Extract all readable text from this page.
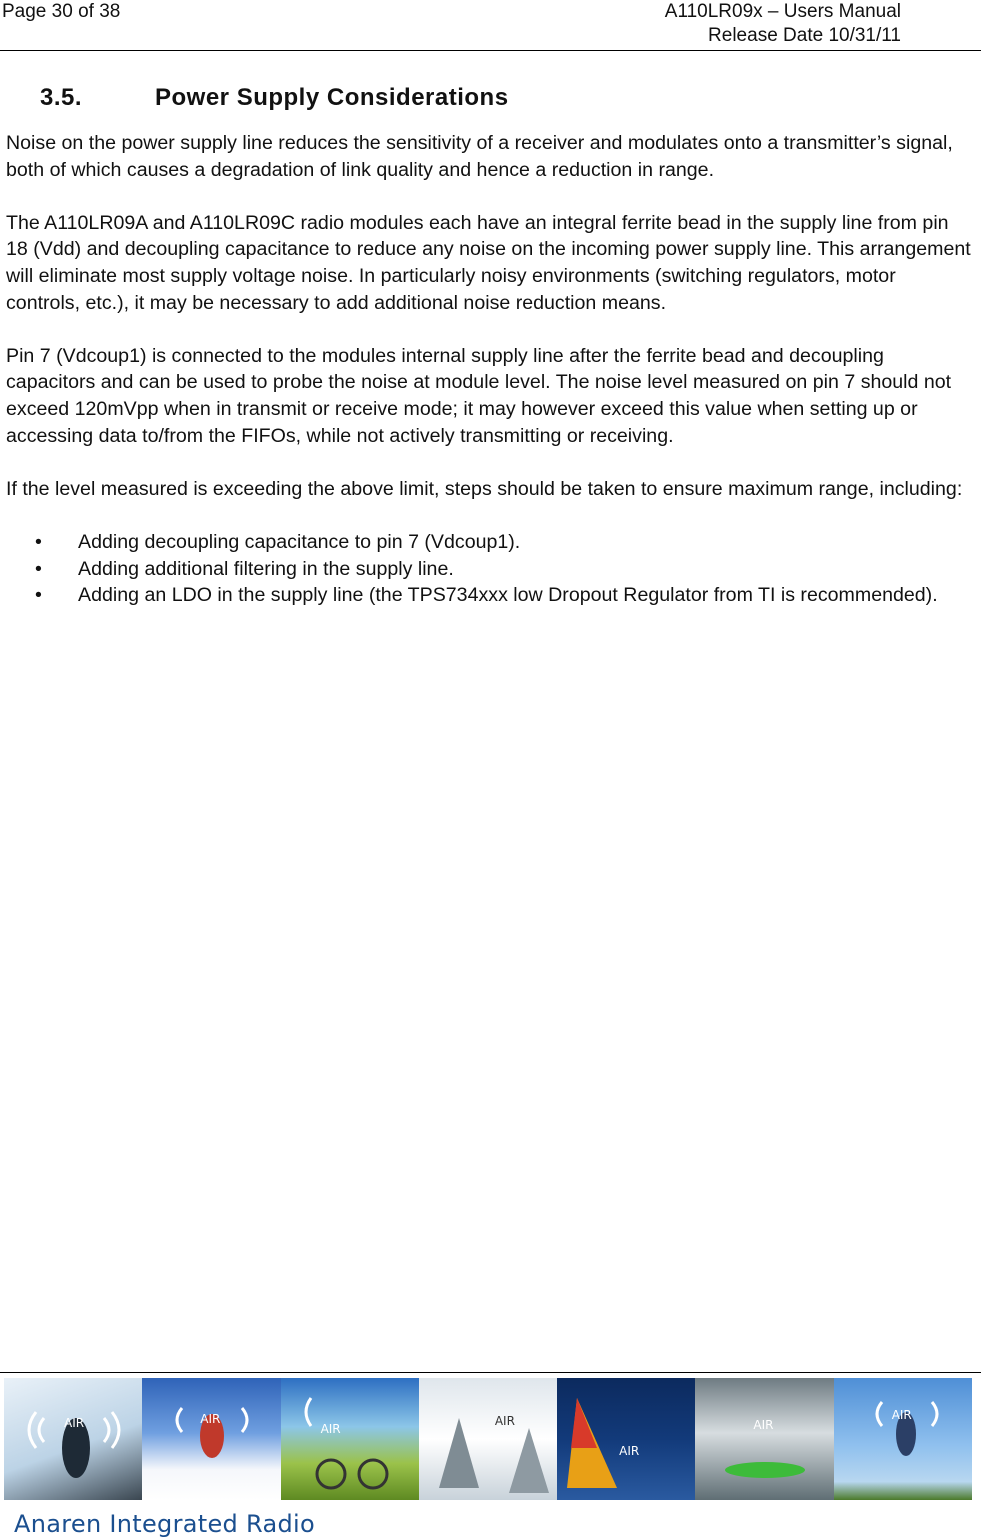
Page 30 of 38	A110LR09x – Users Manual
Release Date 10/31/11
3.5.	Power Supply Considerations

Noise on the power supply line reduces the sensitivity of a receiver and modulates onto a transmitter’s signal, both of which causes a degradation of link quality and hence a reduction in range.

The A110LR09A and A110LR09C radio modules each have an integral ferrite bead in the supply line from pin 18 (Vdd) and decoupling capacitance to reduce any noise on the incoming power supply line. This arrangement will eliminate most supply voltage noise. In particularly noisy environments (switching regulators, motor controls, etc.), it may be necessary to add additional noise reduction means.

Pin 7 (Vdcoup1) is connected to the modules internal supply line after the ferrite bead and decoupling capacitors and can be used to probe the noise at module level. The noise level measured on pin 7 should not exceed 120mVpp when in transmit or receive mode; it may however exceed this value when setting up or accessing data to/from the FIFOs, while not actively transmitting or receiving.

If the level measured is exceeding the above limit, steps should be taken to ensure maximum range, including:

• Adding decoupling capacitance to pin 7 (Vdcoup1).
• Adding additional filtering in the supply line.
• Adding an LDO in the supply line (the TPS734xxx low Dropout Regulator from TI is recommended).
AIR	AIR
AIR
AIR
AIR
AIR
AIR
Anaren Integrated Radio
